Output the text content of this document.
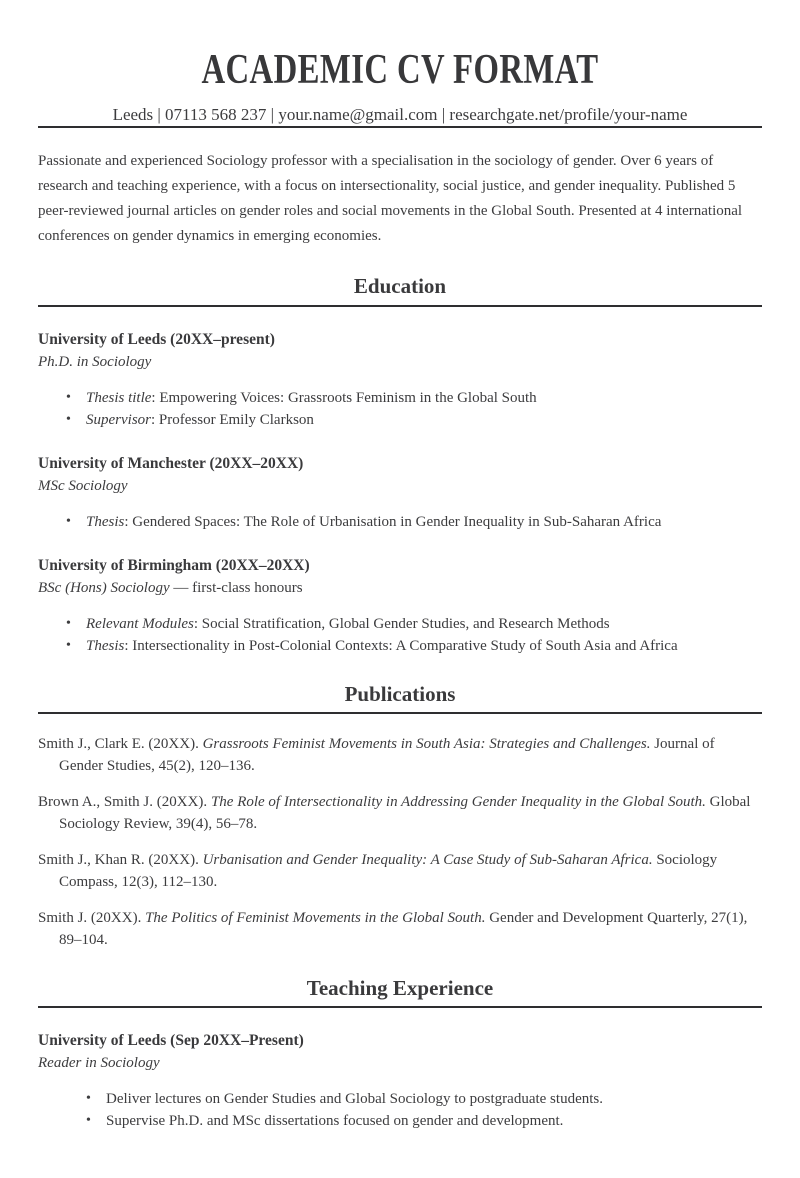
ACADEMIC CV FORMAT

Leeds | 07113 568 237 | your.name@gmail.com | researchgate.net/profile/your-name

Passionate and experienced Sociology professor with a specialisation in the sociology of gender. Over 6 years of research and teaching experience, with a focus on intersectionality, social justice, and gender inequality. Published 5 peer-reviewed journal articles on gender roles and social movements in the Global South. Presented at 4 international conferences on gender dynamics in emerging economies.

Education

University of Leeds (20XX–present)

Ph.D. in Sociology

• Thesis title: Empowering Voices: Grassroots Feminism in the Global South
• Supervisor: Professor Emily Clarkson

University of Manchester (20XX–20XX)

MSc Sociology

• Thesis: Gendered Spaces: The Role of Urbanisation in Gender Inequality in Sub-Saharan Africa

University of Birmingham (20XX–20XX)

BSc (Hons) Sociology — first-class honours

• Relevant Modules: Social Stratification, Global Gender Studies, and Research Methods
• Thesis: Intersectionality in Post-Colonial Contexts: A Comparative Study of South Asia and Africa
Publications

Smith J., Clark E. (20XX). Grassroots Feminist Movements in South Asia: Strategies and Challenges. Journal of Gender Studies, 45(2), 120–136.

Brown A., Smith J. (20XX). The Role of Intersectionality in Addressing Gender Inequality in the Global South. Global Sociology Review, 39(4), 56–78.

Smith J., Khan R. (20XX). Urbanisation and Gender Inequality: A Case Study of Sub-Saharan Africa. Sociology Compass, 12(3), 112–130.

Smith J. (20XX). The Politics of Feminist Movements in the Global South. Gender and Development Quarterly, 27(1), 89–104.

Teaching Experience

University of Leeds (Sep 20XX–Present)

Reader in Sociology

• Deliver lectures on Gender Studies and Global Sociology to postgraduate students.
• Supervise Ph.D. and MSc dissertations focused on gender and development.
